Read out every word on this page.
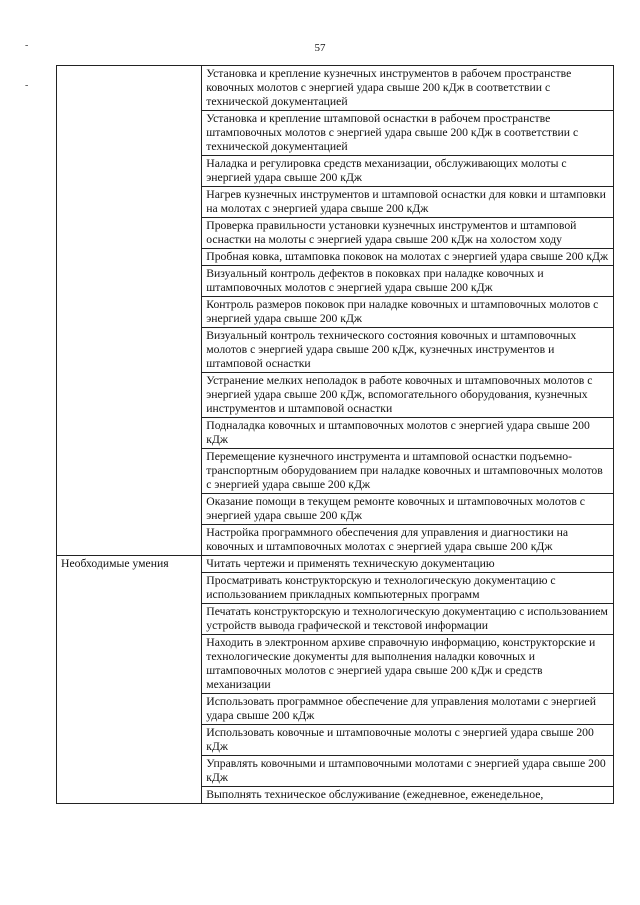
57
-
-
	Установка и крепление кузнечных инструментов в рабочем пространстве ковочных молотов с энергией удара свыше 200 кДж в соответствии с технической документацией
	Установка и крепление штамповой оснастки в рабочем пространстве штамповочных молотов с энергией удара свыше 200 кДж в соответствии с технической документацией
	Наладка и регулировка средств механизации, обслуживающих молоты с энергией удара свыше 200 кДж
	Нагрев кузнечных инструментов и штамповой оснастки для ковки и штамповки на молотах с энергией удара свыше 200 кДж
	Проверка правильности установки кузнечных инструментов и штамповой оснастки на молоты с энергией удара свыше 200 кДж на холостом ходу
	Пробная ковка, штамповка поковок на молотах с энергией удара свыше 200 кДж
	Визуальный контроль дефектов в поковках при наладке ковочных и штамповочных молотов с энергией удара свыше 200 кДж
	Контроль размеров поковок при наладке ковочных и штамповочных молотов с энергией удара свыше 200 кДж
	Визуальный контроль технического состояния ковочных и штамповочных молотов с энергией удара свыше 200 кДж, кузнечных инструментов и штамповой оснастки
	Устранение мелких неполадок в работе ковочных и штамповочных молотов с энергией удара свыше 200 кДж, вспомогательного оборудования, кузнечных инструментов и штамповой оснастки
	Подналадка ковочных и штамповочных молотов с энергией удара свыше 200 кДж
	Перемещение кузнечного инструмента и штамповой оснастки подъемно-транспортным оборудованием при наладке ковочных и штамповочных молотов с энергией удара свыше 200 кДж
	Оказание помощи в текущем ремонте ковочных и штамповочных молотов с энергией удара свыше 200 кДж
	Настройка программного обеспечения для управления и диагностики на ковочных и штамповочных молотах с энергией удара свыше 200 кДж
Необходимые умения	Читать чертежи и применять техническую документацию
	Просматривать конструкторскую и технологическую документацию с использованием прикладных компьютерных программ
	Печатать конструкторскую и технологическую документацию с использованием устройств вывода графической и текстовой информации
	Находить в электронном архиве справочную информацию, конструкторские и технологические документы для выполнения наладки ковочных и штамповочных молотов с энергией удара свыше 200 кДж и средств механизации
	Использовать программное обеспечение для управления молотами с энергией удара свыше 200 кДж
	Использовать ковочные и штамповочные молоты с энергией удара свыше 200 кДж
	Управлять ковочными и штамповочными молотами с энергией удара свыше 200 кДж
	Выполнять техническое обслуживание (ежедневное, еженедельное,
